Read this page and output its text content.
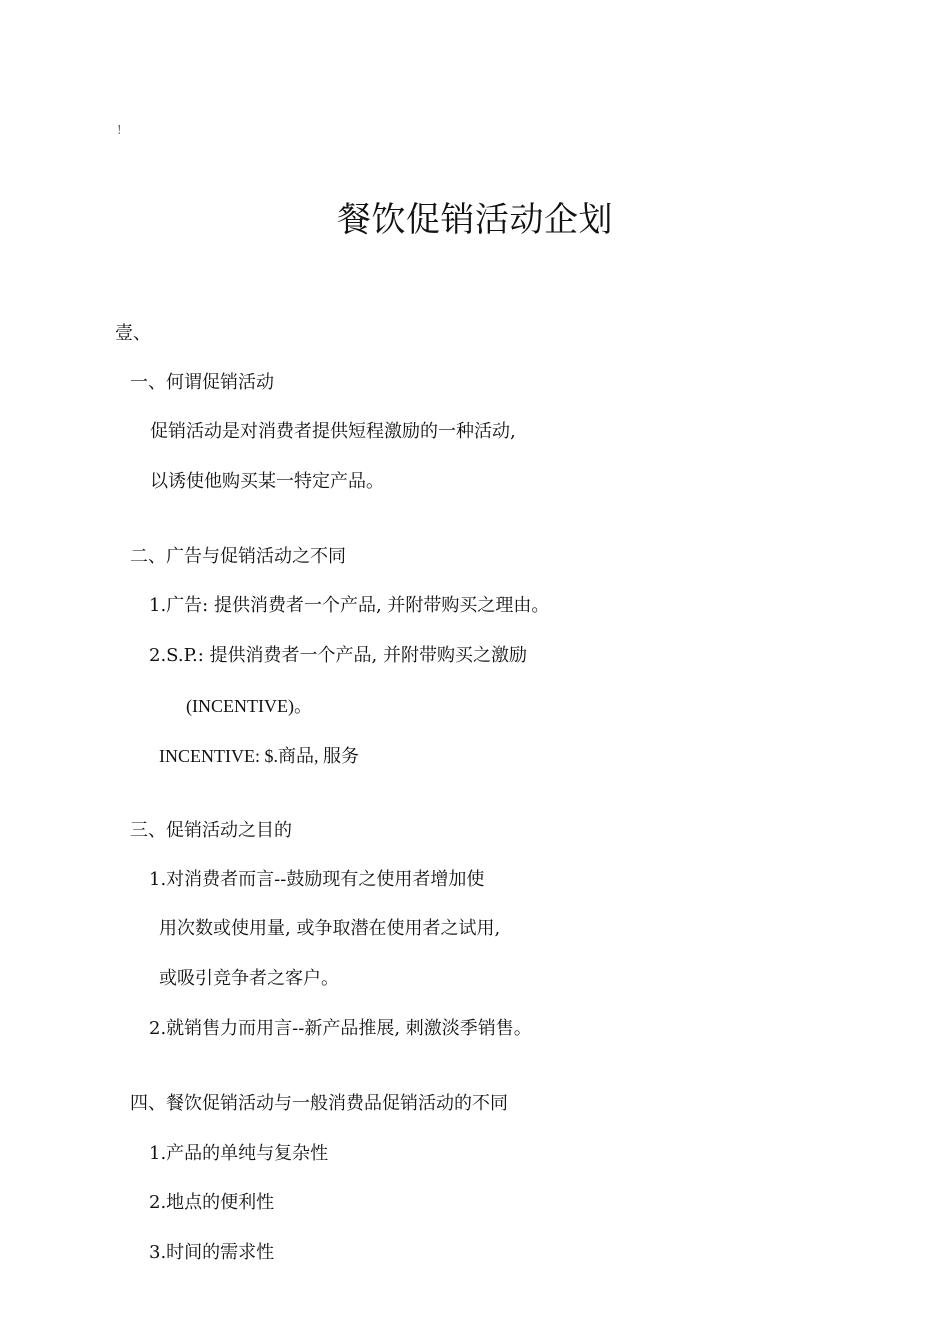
!
餐饮促销活动企划
壹、
一、何谓促销活动
促销活动是对消费者提供短程激励的一种活动,
以诱使他购买某一特定产品。
二、广告与促销活动之不同
1.广告: 提供消费者一个产品, 并附带购买之理由。
2.S.P.: 提供消费者一个产品, 并附带购买之激励
(INCENTIVE)。
INCENTIVE: $.商品, 服务
三、促销活动之目的
1.对消费者而言--鼓励现有之使用者增加使
用次数或使用量, 或争取潜在使用者之试用,
或吸引竞争者之客户。
2.就销售力而用言--新产品推展, 刺激淡季销售。
四、餐饮促销活动与一般消费品促销活动的不同
1.产品的单纯与复杂性
2.地点的便利性
3.时间的需求性
